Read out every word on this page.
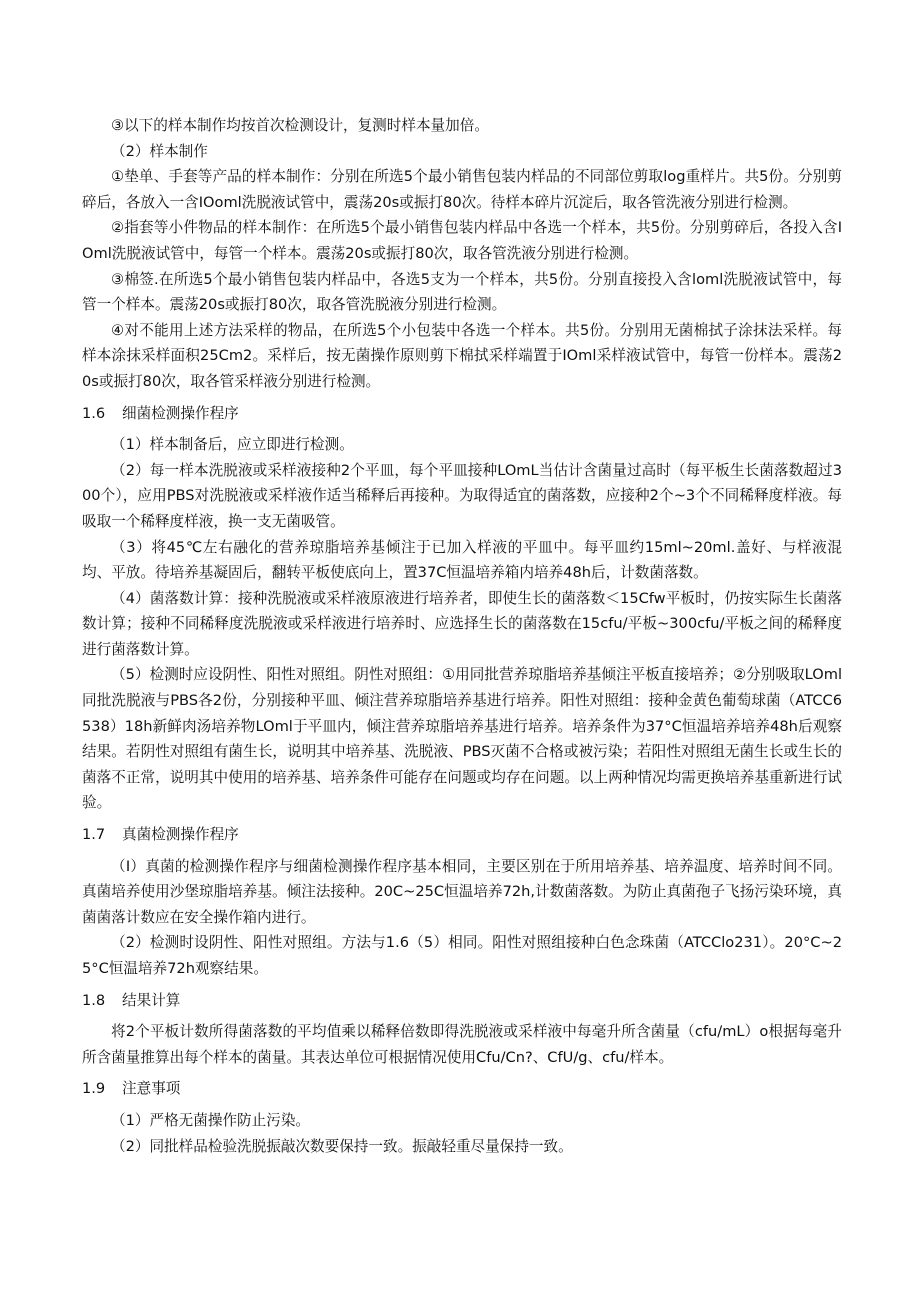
③以下的样本制作均按首次检测设计，复测时样本量加倍。

（2）样本制作

①垫单、手套等产品的样本制作：分别在所选5个最小销售包装内样品的不同部位剪取log重样片。共5份。分别剪碎后，各放入一含IOoml洗脱液试管中，震荡20s或振打80次。待样本碎片沉淀后，取各管洗液分别进行检测。

②指套等小件物品的样本制作：在所选5个最小销售包装内样品中各选一个样本，共5份。分别剪碎后，各投入含IOml洗脱液试管中，每管一个样本。震荡20s或振打80次，取各管洗液分别进行检测。

③棉签.在所选5个最小销售包装内样品中，各选5支为一个样本，共5份。分别直接投入含loml洗脱液试管中，每管一个样本。震荡20s或振打80次，取各管洗脱液分别进行检测。

④对不能用上述方法采样的物品，在所选5个小包装中各选一个样本。共5份。分别用无菌棉拭子涂抹法采样。每样本涂抹采样面积25Cm2。采样后，按无菌操作原则剪下棉拭采样端置于IOml采样液试管中，每管一份样本。震荡20s或振打80次，取各管采样液分别进行检测。

1.6 细菌检测操作程序

（1）样本制备后，应立即进行检测。

（2）每一样本洗脱液或采样液接种2个平皿，每个平皿接种LOmL当估计含菌量过高时（每平板生长菌落数超过300个），应用PBS对洗脱液或采样液作适当稀释后再接种。为取得适宜的菌落数，应接种2个~3个不同稀释度样液。每吸取一个稀释度样液，换一支无菌吸管。

（3）将45℃左右融化的营养琼脂培养基倾注于已加入样液的平皿中。每平皿约15ml~20ml.盖好、与样液混均、平放。待培养基凝固后，翻转平板使底向上，置37C恒温培养箱内培养48h后，计数菌落数。

（4）菌落数计算：接种洗脱液或采样液原液进行培养者，即使生长的菌落数＜15Cfw平板时，仍按实际生长菌落数计算；接种不同稀释度洗脱液或采样液进行培养时、应选择生长的菌落数在15cfu∕平板~300cfu∕平板之间的稀释度进行菌落数计算。

（5）检测时应设阴性、阳性对照组。阴性对照组：①用同批营养琼脂培养基倾注平板直接培养；②分别吸取LOml同批洗脱液与PBS各2份，分别接种平皿、倾注营养琼脂培养基进行培养。阳性对照组：接种金黄色葡萄球菌（ATCC6538）18h新鲜肉汤培养物LOml于平皿内，倾注营养琼脂培养基进行培养。培养条件为37°C恒温培养培养48h后观察结果。若阴性对照组有菌生长，说明其中培养基、洗脱液、PBS灭菌不合格或被污染；若阳性对照组无菌生长或生长的菌落不正常，说明其中使用的培养基、培养条件可能存在问题或均存在问题。以上两种情况均需更换培养基重新进行试验。

1.7 真菌检测操作程序

（I）真菌的检测操作程序与细菌检测操作程序基本相同，主要区别在于所用培养基、培养温度、培养时间不同。真菌培养使用沙堡琼脂培养基。倾注法接种。20C~25C恒温培养72h,计数菌落数。为防止真菌孢子飞扬污染环境，真菌菌落计数应在安全操作箱内进行。

（2）检测时设阴性、阳性对照组。方法与1.6（5）相同。阳性对照组接种白色念珠菌（ATCClo231）。20°C~25°C恒温培养72h观察结果。

1.8 结果计算

将2个平板计数所得菌落数的平均值乘以稀释倍数即得洗脱液或采样液中每毫升所含菌量（cfu∕mL）o根据每毫升所含菌量推算出每个样本的菌量。其表达单位可根据情况使用Cfu/Cn?、CfU/g、cfu∕样本。

1.9 注意事项

（1）严格无菌操作防止污染。

（2）同批样品检验洗脱振敲次数要保持一致。振敲轻重尽量保持一致。
